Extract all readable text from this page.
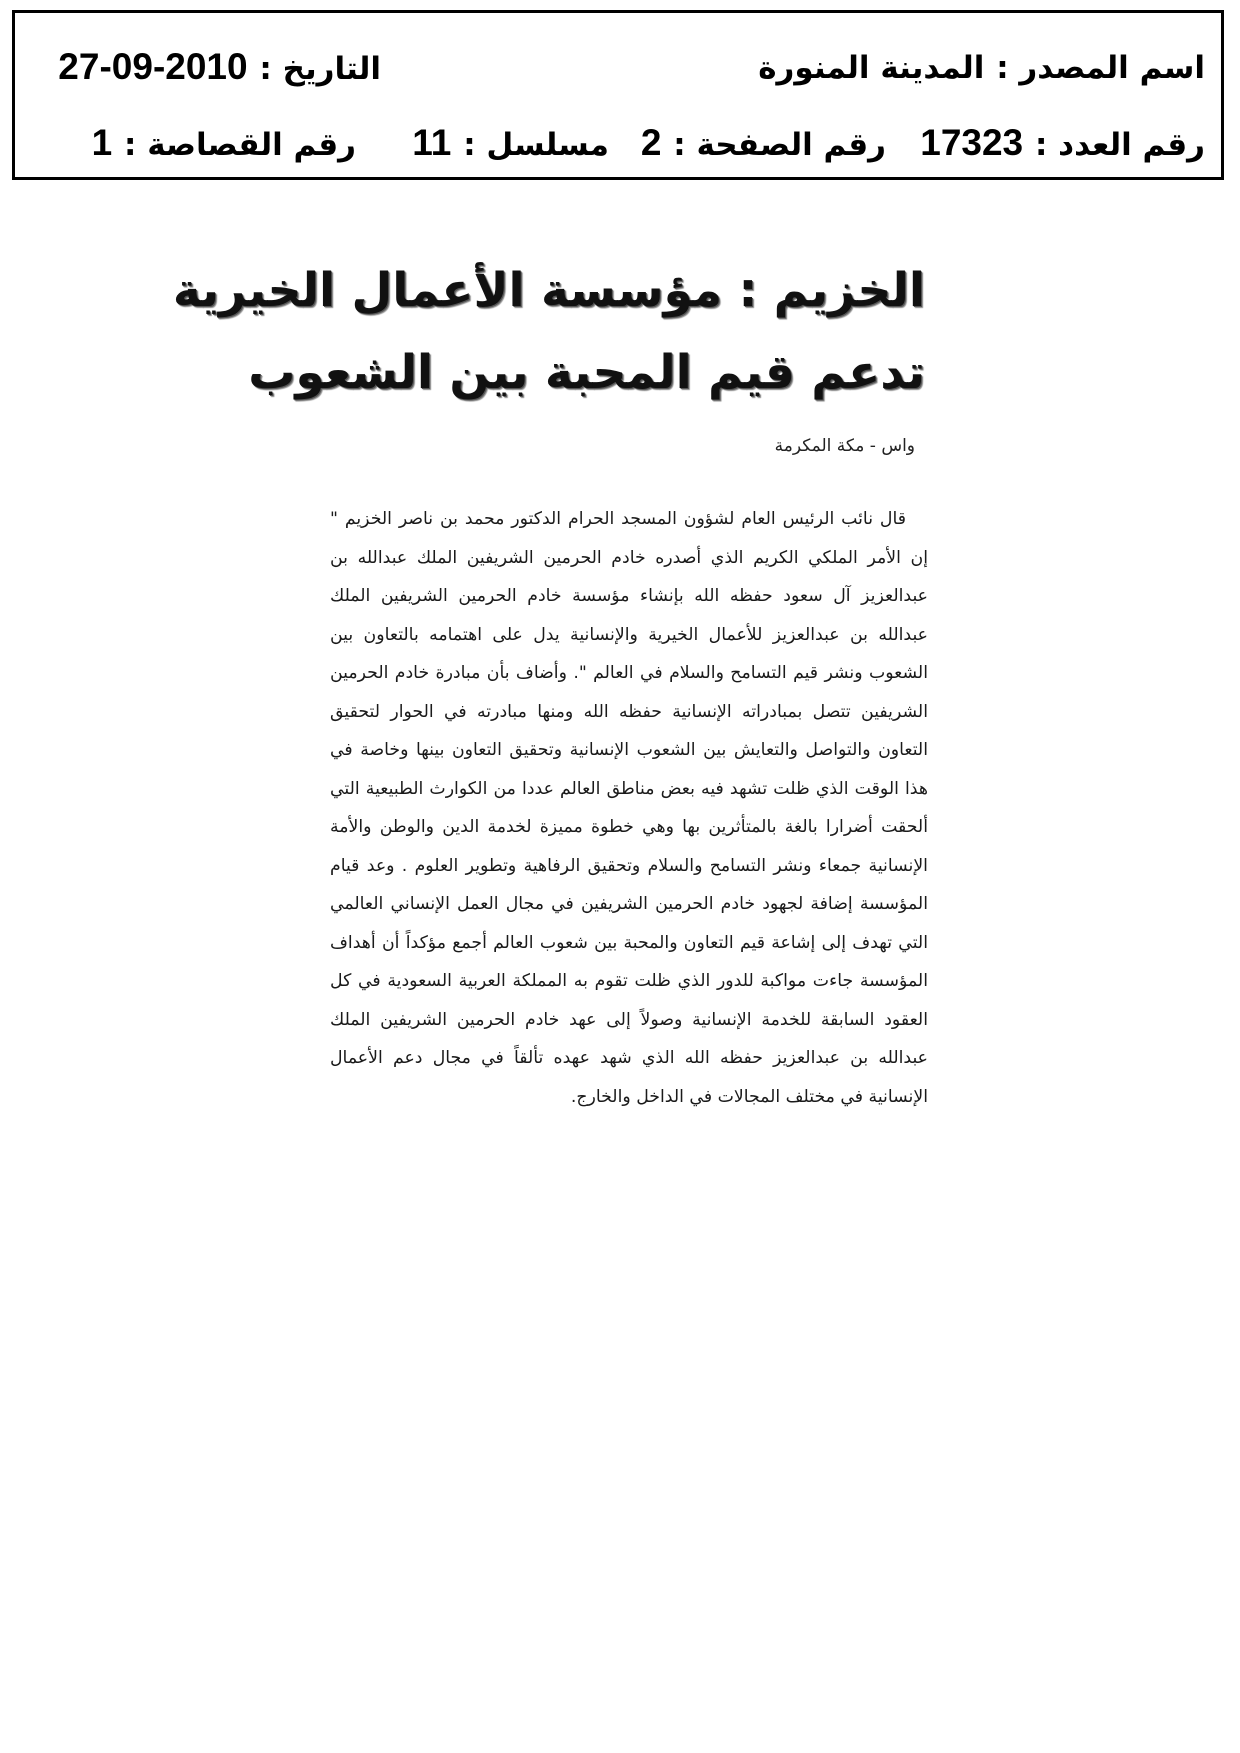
اسم المصدر : المدينة المنورة
التاريخ : 2010-09-27
رقم العدد : 17323
رقم الصفحة : 2
مسلسل : 11
رقم القصاصة : 1
الخزيم : مؤسسة الأعمال الخيرية
تدعم قيم المحبة بين الشعوب
واس - مكة المكرمة
قال نائب الرئيس العام لشؤون المسجد الحرام الدكتور محمد بن ناصر الخزيم " إن الأمر الملكي الكريم الذي أصدره خادم الحرمين الشريفين الملك عبدالله بن عبدالعزيز آل سعود حفظه الله بإنشاء مؤسسة خادم الحرمين الشريفين الملك عبدالله بن عبدالعزيز للأعمال الخيرية والإنسانية يدل على اهتمامه بالتعاون بين الشعوب ونشر قيم التسامح والسلام في العالم ". وأضاف بأن مبادرة خادم الحرمين الشريفين تتصل بمبادراته الإنسانية حفظه الله ومنها مبادرته في الحوار لتحقيق التعاون والتواصل والتعايش بين الشعوب الإنسانية وتحقيق التعاون بينها وخاصة في هذا الوقت الذي ظلت تشهد فيه بعض مناطق العالم عددا من الكوارث الطبيعية التي ألحقت أضرارا بالغة بالمتأثرين بها وهي خطوة مميزة لخدمة الدين والوطن والأمة الإنسانية جمعاء ونشر التسامح والسلام وتحقيق الرفاهية وتطوير العلوم . وعد قيام المؤسسة إضافة لجهود خادم الحرمين الشريفين في مجال العمل الإنساني العالمي التي تهدف إلى إشاعة قيم التعاون والمحبة بين شعوب العالم أجمع مؤكداً أن أهداف المؤسسة جاءت مواكبة للدور الذي ظلت تقوم به المملكة العربية السعودية في كل العقود السابقة للخدمة الإنسانية وصولاً إلى عهد خادم الحرمين الشريفين الملك عبدالله بن عبدالعزيز حفظه الله الذي شهد عهده تألقاً في مجال دعم الأعمال الإنسانية في مختلف المجالات في الداخل والخارج.
